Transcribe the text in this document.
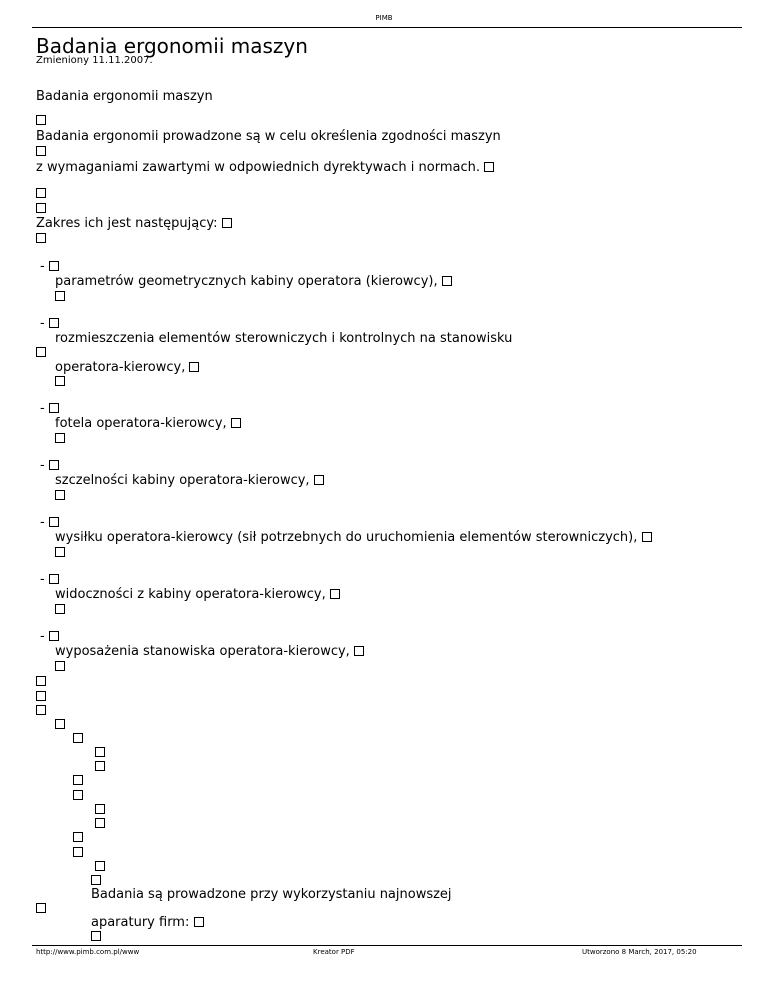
PIMB
Badania ergonomii maszyn
Zmieniony 11.11.2007.
Badania ergonomii maszyn
Badania ergonomii prowadzone są w celu określenia zgodności maszyn
z wymaganiami zawartymi w odpowiednich dyrektywach i normach.
Zakres ich jest następujący:
-
parametrów geometrycznych kabiny operatora (kierowcy),
-
rozmieszczenia elementów sterowniczych i kontrolnych na stanowisku
operatora-kierowcy,
-
fotela operatora-kierowcy,
-
szczelności kabiny operatora-kierowcy,
-
wysiłku operatora-kierowcy (sił potrzebnych do uruchomienia elementów sterowniczych),
-
widoczności z kabiny operatora-kierowcy,
-
wyposażenia stanowiska operatora-kierowcy,
Badania są prowadzone przy wykorzystaniu najnowszej
aparatury firm:
http://www.pimb.com.pl/www	Kreator PDF	Utworzono 8 March, 2017, 05:20
